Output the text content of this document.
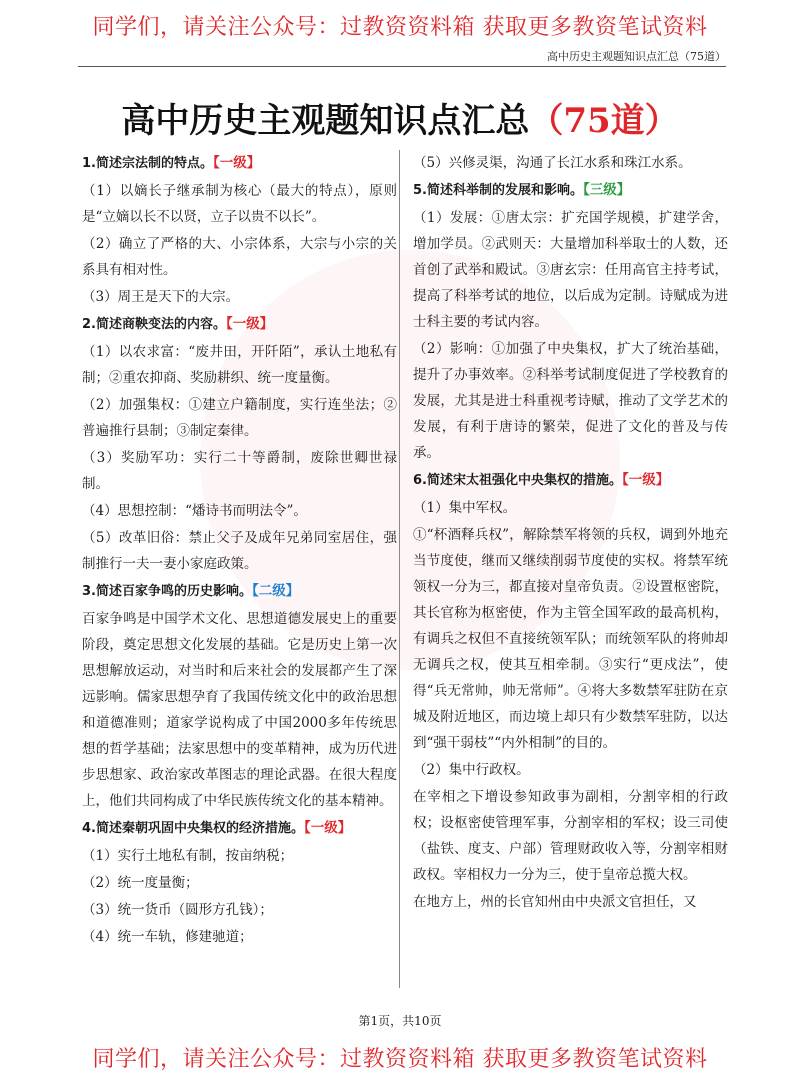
同学们，请关注公众号：过教资资料箱 获取更多教资笔试资料
高中历史主观题知识点汇总（75道）
高中历史主观题知识点汇总（75道）

1.简述宗法制的特点。【一级】

（1）以嫡长子继承制为核心（最大的特点），原则是“立嫡以长不以贤，立子以贵不以长”。

（2）确立了严格的大、小宗体系，大宗与小宗的关系具有相对性。

（3）周王是天下的大宗。

2.简述商鞅变法的内容。【一级】

（1）以农求富：“废井田，开阡陌”，承认土地私有制；②重农抑商、奖励耕织、统一度量衡。

（2）加强集权：①建立户籍制度，实行连坐法；②普遍推行县制；③制定秦律。

（3）奖励军功：实行二十等爵制，废除世卿世禄制。

（4）思想控制：“燔诗书而明法令”。

（5）改革旧俗：禁止父子及成年兄弟同室居住，强制推行一夫一妻小家庭政策。

3.简述百家争鸣的历史影响。【二级】

百家争鸣是中国学术文化、思想道德发展史上的重要阶段，奠定思想文化发展的基础。它是历史上第一次思想解放运动，对当时和后来社会的发展都产生了深远影响。儒家思想孕育了我国传统文化中的政治思想和道德准则；道家学说构成了中国2000多年传统思想的哲学基础；法家思想中的变革精神，成为历代进步思想家、政治家改革图志的理论武器。在很大程度上，他们共同构成了中华民族传统文化的基本精神。

4.简述秦朝巩固中央集权的经济措施。【一级】

（1）实行土地私有制，按亩纳税；

（2）统一度量衡；

（3）统一货币（圆形方孔钱）；

（4）统一车轨，修建驰道；

（5）兴修灵渠，沟通了长江水系和珠江水系。

5.简述科举制的发展和影响。【三级】

（1）发展：①唐太宗：扩充国学规模，扩建学舍，增加学员。②武则天：大量增加科举取士的人数，还首创了武举和殿试。③唐玄宗：任用高官主持考试，提高了科举考试的地位，以后成为定制。诗赋成为进士科主要的考试内容。

（2）影响：①加强了中央集权，扩大了统治基础，提升了办事效率。②科举考试制度促进了学校教育的发展，尤其是进士科重视考诗赋，推动了文学艺术的发展，有利于唐诗的繁荣，促进了文化的普及与传承。

6.简述宋太祖强化中央集权的措施。【一级】

（1）集中军权。

①“杯酒释兵权”，解除禁军将领的兵权，调到外地充当节度使，继而又继续削弱节度使的实权。将禁军统领权一分为三，都直接对皇帝负责。②设置枢密院，其长官称为枢密使，作为主管全国军政的最高机构，有调兵之权但不直接统领军队；而统领军队的将帅却无调兵之权，使其互相牵制。③实行“更戍法”，使得“兵无常帅，帅无常师”。④将大多数禁军驻防在京城及附近地区，而边境上却只有少数禁军驻防，以达到“强干弱枝”“内外相制”的目的。

（2）集中行政权。

在宰相之下增设参知政事为副相，分割宰相的行政权；设枢密使管理军事，分割宰相的军权；设三司使（盐铁、度支、户部）管理财政收入等，分割宰相财政权。宰相权力一分为三，使于皇帝总揽大权。

在地方上，州的长官知州由中央派文官担任，又

第1页，共10页
同学们，请关注公众号：过教资资料箱 获取更多教资笔试资料
